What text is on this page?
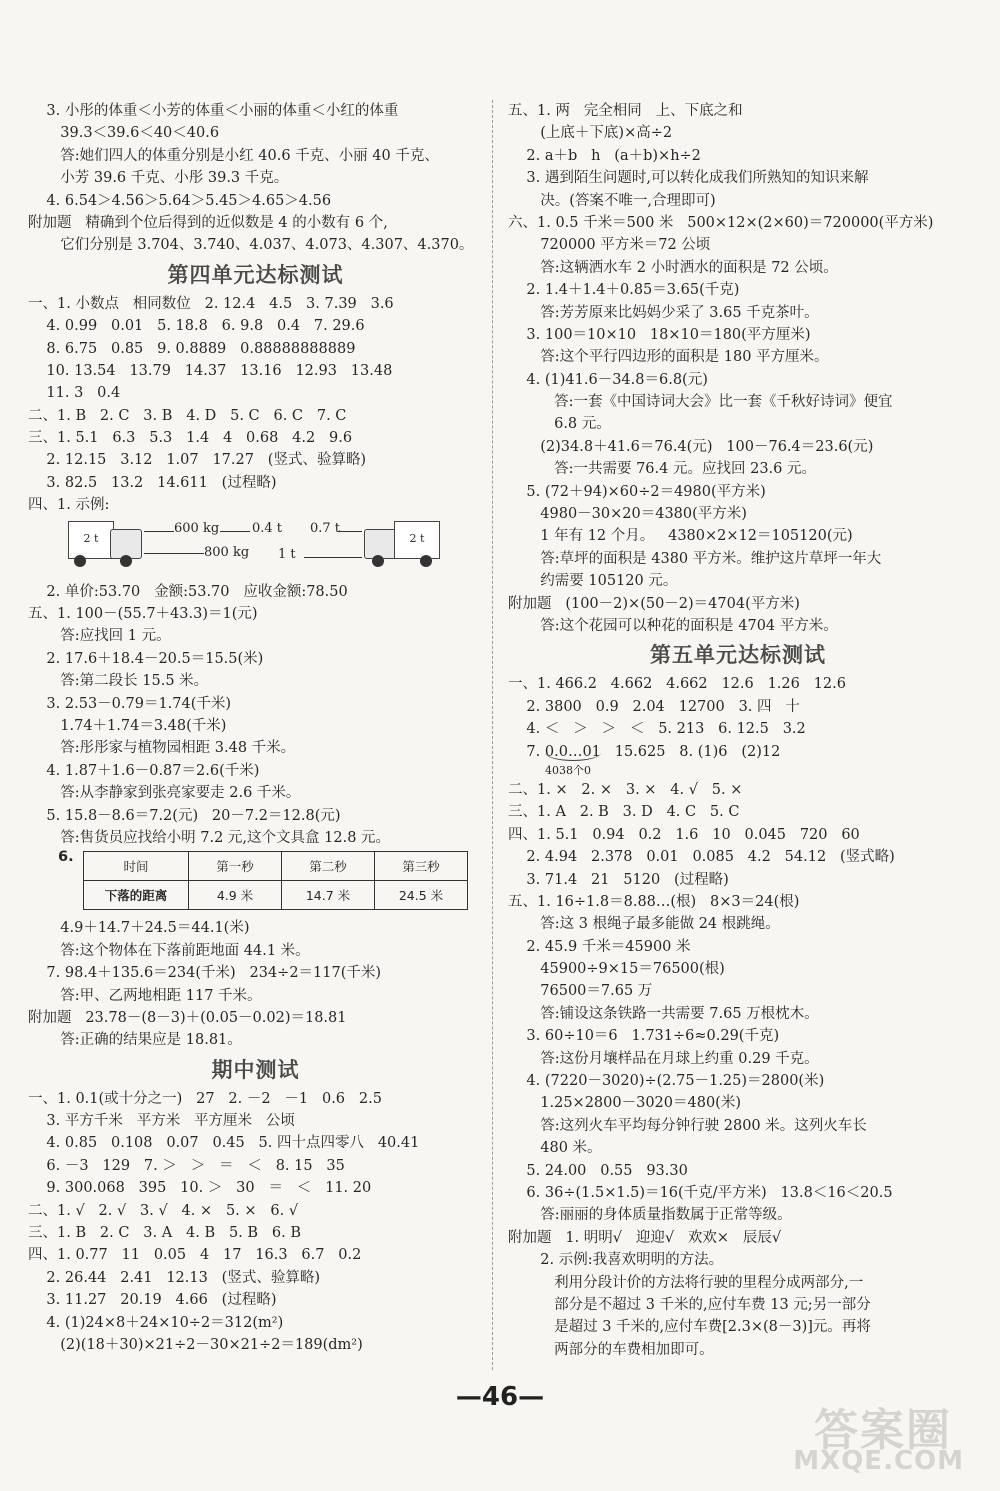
3. 小彤的体重＜小芳的体重＜小丽的体重＜小红的体重
39.3＜39.6＜40＜40.6
答:她们四人的体重分别是小红 40.6 千克、小丽 40 千克、
小芳 39.6 千克、小彤 39.3 千克。
4. 6.54＞4.56＞5.64＞5.45＞4.65＞4.56
附加题   精确到个位后得到的近似数是 4 的小数有 6 个,
它们分别是 3.704、3.740、4.037、4.073、4.307、4.370。
第四单元达标测试
一、1. 小数点   相同数位   2. 12.4   4.5   3. 7.39   3.6
4. 0.99   0.01   5. 18.8   6. 9.8   0.4   7. 29.6
8. 6.75   0.85   9. 0.8889   0.88888888889
10. 13.54   13.79   14.37   13.16   12.93   13.48
11. 3   0.4
二、1. B   2. C   3. B   4. D   5. C   6. C   7. C
三、1. 5.1   6.3   5.3   1.4   4   0.68   4.2   9.6
2. 12.15   3.12   1.07   17.27   (竖式、验算略)
3. 82.5   13.2   14.611   (过程略)
四、1. 示例:
2 t
600 kg	0.4 t
800 kg
0.7 t
1 t
2 t
2. 单价:53.70   金额:53.70   应收金额:78.50
五、1. 100－(55.7＋43.3)＝1(元)
答:应找回 1 元。
2. 17.6＋18.4－20.5＝15.5(米)
答:第二段长 15.5 米。
3. 2.53－0.79＝1.74(千米)
1.74＋1.74＝3.48(千米)
答:彤彤家与植物园相距 3.48 千米。
4. 1.87＋1.6－0.87＝2.6(千米)
答:从李静家到张亮家要走 2.6 千米。
5. 15.8－8.6＝7.2(元)   20－7.2＝12.8(元)
答:售货员应找给小明 7.2 元,这个文具盒 12.8 元。
6.
时间	第一秒	第二秒	第三秒
下落的距离	4.9 米	14.7 米	24.5 米
4.9＋14.7＋24.5＝44.1(米)
答:这个物体在下落前距地面 44.1 米。
7. 98.4＋135.6＝234(千米)   234÷2＝117(千米)
答:甲、乙两地相距 117 千米。
附加题   23.78－(8－3)＋(0.05－0.02)＝18.81
答:正确的结果应是 18.81。
期中测试
一、1. 0.1(或十分之一)   27   2. －2   －1   0.6   2.5
3. 平方千米   平方米   平方厘米   公顷
4. 0.85   0.108   0.07   0.45   5. 四十点四零八   40.41
6. －3   129   7. ＞   ＞   ＝   ＜   8. 15   35
9. 300.068   395   10. ＞   30   ＝   ＜   11. 20
二、1. √   2. √   3. √   4. ×   5. ×   6. √
三、1. B   2. C   3. A   4. B   5. B   6. B
四、1. 0.77   11   0.05   4   17   16.3   6.7   0.2
2. 26.44   2.41   12.13   (竖式、验算略)
3. 11.27   20.19   4.66   (过程略)
4. (1)24×8＋24×10÷2＝312(m²)
(2)(18＋30)×21÷2－30×21÷2＝189(dm²)
五、1. 两   完全相同   上、下底之和
(上底＋下底)×高÷2
2. a＋b   h   (a＋b)×h÷2
3. 遇到陌生问题时,可以转化成我们所熟知的知识来解
决。(答案不唯一,合理即可)
六、1. 0.5 千米＝500 米   500×12×(2×60)＝720000(平方米)
720000 平方米＝72 公顷
答:这辆洒水车 2 小时洒水的面积是 72 公顷。
2. 1.4＋1.4＋0.85＝3.65(千克)
答:芳芳原来比妈妈少采了 3.65 千克茶叶。
3. 100＝10×10   18×10＝180(平方厘米)
答:这个平行四边形的面积是 180 平方厘米。
4. (1)41.6－34.8＝6.8(元)
答:一套《中国诗词大会》比一套《千秋好诗词》便宜
6.8 元。
(2)34.8＋41.6＝76.4(元)   100－76.4＝23.6(元)
答:一共需要 76.4 元。应找回 23.6 元。
5. (72＋94)×60÷2＝4980(平方米)
4980－30×20＝4380(平方米)
1 年有 12 个月。   4380×2×12＝105120(元)
答:草坪的面积是 4380 平方米。维护这片草坪一年大
约需要 105120 元。
附加题   (100－2)×(50－2)＝4704(平方米)
答:这个花园可以种花的面积是 4704 平方米。
第五单元达标测试
一、1. 466.2   4.662   4.662   12.6   1.26   12.6
2. 3800   0.9   2.04   12700   3. 四   十
4. ＜   ＞   ＞   ＜   5. 213   6. 12.5   3.2
7. 0.0…01   15.625   8. (1)6   (2)12
4038个0
二、1. ×   2. ×   3. ×   4. √   5. ×
三、1. A   2. B   3. D   4. C   5. C
四、1. 5.1   0.94   0.2   1.6   10   0.045   720   60
2. 4.94   2.378   0.01   0.085   4.2   54.12   (竖式略)
3. 71.4   21   5120   (过程略)
五、1. 16÷1.8＝8.88…(根)   8×3＝24(根)
答:这 3 根绳子最多能做 24 根跳绳。
2. 45.9 千米＝45900 米
45900÷9×15＝76500(根)
76500＝7.65 万
答:铺设这条铁路一共需要 7.65 万根枕木。
3. 60÷10＝6   1.731÷6≈0.29(千克)
答:这份月壤样品在月球上约重 0.29 千克。
4. (7220－3020)÷(2.75－1.25)＝2800(米)
1.25×2800－3020＝480(米)
答:这列火车平均每分钟行驶 2800 米。这列火车长
480 米。
5. 24.00   0.55   93.30
6. 36÷(1.5×1.5)＝16(千克/平方米)   13.8＜16＜20.5
答:丽丽的身体质量指数属于正常等级。
附加题   1. 明明√   迎迎√   欢欢×   辰辰√
2. 示例:我喜欢明明的方法。
利用分段计价的方法将行驶的里程分成两部分,一
部分是不超过 3 千米的,应付车费 13 元;另一部分
是超过 3 千米的,应付车费[2.3×(8－3)]元。再将
两部分的车费相加即可。
—46—
答案圈
MXQE.COM
